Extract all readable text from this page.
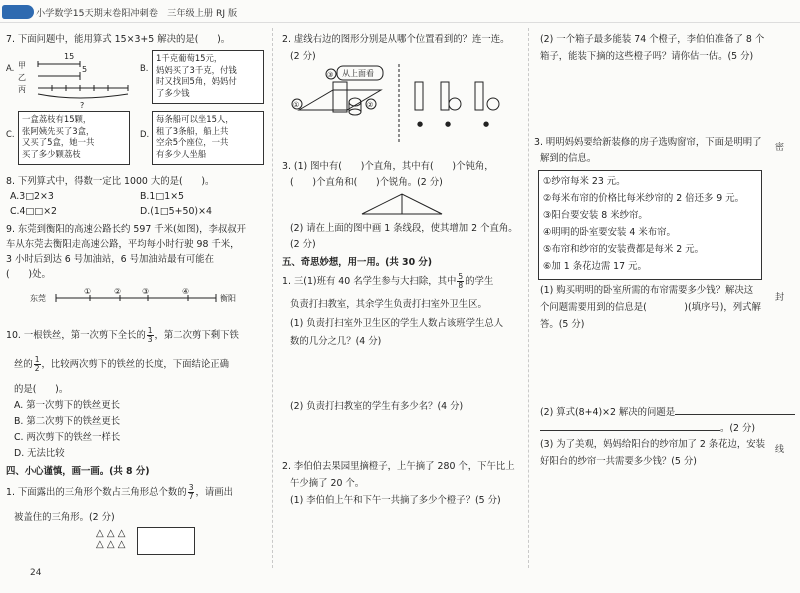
小学数学15天期末卷阳冲刺卷　三年级上册 RJ 版
7. 下面问题中，能用算式 15×3+5 解决的是(　　)。
A.
15
5
甲
乙
丙
?
B.
1千克葡萄15元，
妈妈买了3千克，付钱
时又找回5角，妈妈付
了多少钱
C.
一盒荔枝有15颗，
张阿姨先买了3盒，
又买了5盒，她一共
买了多少颗荔枝
D.
每条船可以坐15人，
租了3条船，船上共
空余5个座位，一共
有多少人坐船
8. 下列算式中，得数一定比 1000 大的是(　　)。
A.3□2×3	B.1□1×5
C.4□□×2	D.(1□5+50)×4
9. 东莞到衡阳的高速公路长约 597 千米(如图)，李叔叔开
车从东莞去衡阳走高速公路，平均每小时行驶 98 千米，
3 小时后到达 6 号加油站，6 号加油站最有可能在
(　　)处。
东莞
①	②	③	④
衡阳
10. 一根铁丝，第一次剪下全长的 $\frac{1}{3}$ ，第二次剪下剩下铁
丝的 $\frac{1}{2}$ ，比较两次剪下的铁丝的长度，下面结论正确
的是(　　)。
A. 第一次剪下的铁丝更长
B. 第二次剪下的铁丝更长
C. 两次剪下的铁丝一样长
D. 无法比较
四、小心谨慎，画一画。(共 8 分)
1. 下面露出的三角形个数占三角形总个数的 $\frac{3}{7}$ ，请画出
被盖住的三角形。(2 分)
△ △ △
△ △ △
2. 虚线右边的图形分别是从哪个位置看到的？连一连。
(2 分)
从上面看
③
①	②
●	●	●
3. (1) 图中有(　　)个直角，其中有(　　)个钝角，
(　　)个直角和(　　)个锐角。(2 分)
(2) 请在上面的图中画 1 条线段，使其增加 2 个直角。
(2 分)
五、奇思妙想，用一用。(共 30 分)
1. 三(1)班有 40 名学生参与大扫除，其中 $\frac{5}{8}$ 的学生
负责打扫教室，其余学生负责打扫室外卫生区。
(1) 负责打扫室外卫生区的学生人数占该班学生总人
数的几分之几？(4 分)
(2) 负责打扫教室的学生有多少名？(4 分)
2. 李伯伯去果园里摘橙子，上午摘了 280 个，下午比上
午少摘了 20 个。
(1) 李伯伯上午和下午一共摘了多少个橙子？(5 分)
(2) 一个箱子最多能装 74 个橙子，李伯伯准备了 8 个
箱子，能装下摘的这些橙子吗？请你估一估。(5 分)
3. 明明妈妈要给新装修的房子选购窗帘，下面是明明了
解到的信息。
①纱帘每米 23 元。
②每米布帘的价格比每米纱帘的 2 倍还多 9 元。
③阳台要安装 8 米纱帘。
④明明的卧室要安装 4 米布帘。
⑤布帘和纱帘的安装费都是每米 2 元。
⑥加 1 条花边需 17 元。
(1) 购买明明的卧室所需的布帘需要多少钱？解决这
个问题需要用到的信息是(　　　　)(填序号)，列式解
答。(5 分)
(2) 算式(8+4)×2 解决的问题是
。(2 分)
(3) 为了美观，妈妈给阳台的纱帘加了 2 条花边，安装
好阳台的纱帘一共需要多少钱？(5 分)
密
封
线
24
